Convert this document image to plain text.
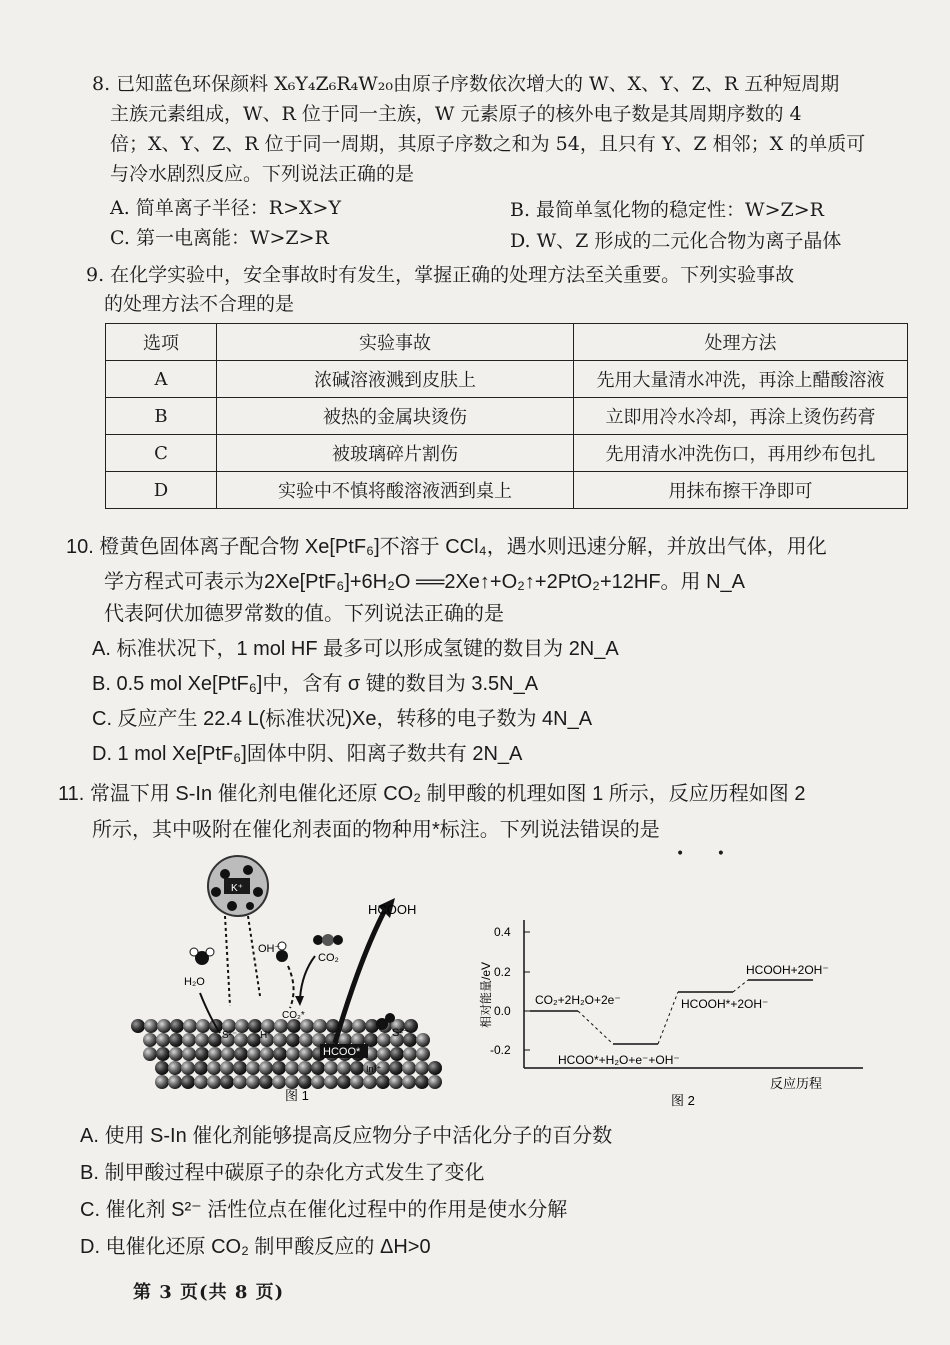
8. 已知蓝色环保颜料 X₆Y₄Z₆R₄W₂₀由原子序数依次增大的 W、X、Y、Z、R 五种短周期
主族元素组成，W、R 位于同一主族，W 元素原子的核外电子数是其周期序数的 4
倍；X、Y、Z、R 位于同一周期，其原子序数之和为 54，且只有 Y、Z 相邻；X 的单质可
与冷水剧烈反应。下列说法正确的是
A. 简单离子半径：R>X>Y	B. 最简单氢化物的稳定性：W>Z>R
C. 第一电离能：W>Z>R	D. W、Z 形成的二元化合物为离子晶体
9. 在化学实验中，安全事故时有发生，掌握正确的处理方法至关重要。下列实验事故
的处理方法不合理的是
选项	实验事故	处理方法
A	浓碱溶液溅到皮肤上	先用大量清水冲洗，再涂上醋酸溶液
B	被热的金属块烫伤	立即用冷水冷却，再涂上烫伤药膏
C	被玻璃碎片割伤	先用清水冲洗伤口，再用纱布包扎
D	实验中不慎将酸溶液洒到桌上	用抹布擦干净即可
10. 橙黄色固体离子配合物 Xe[PtF₆]不溶于 CCl₄，遇水则迅速分解，并放出气体，用化
学方程式可表示为2Xe[PtF₆]+6H₂O ══2Xe↑+O₂↑+2PtO₂+12HF。用 N_A
代表阿伏加德罗常数的值。下列说法正确的是
A. 标准状况下，1 mol HF 最多可以形成氢键的数目为 2N_A
B. 0.5 mol Xe[PtF₆]中，含有 σ 键的数目为 3.5N_A
C. 反应产生 22.4 L(标准状况)Xe，转移的电子数为 4N_A
D. 1 mol Xe[PtF₆]固体中阴、阳离子数共有 2N_A
11. 常温下用 S-In 催化剂电催化还原 CO₂ 制甲酸的机理如图 1 所示，反应历程如图 2
所示，其中吸附在催化剂表面的物种用*标注。下列说法错误的是
• •
K⁺
HCOOH
OH⁻
CO₂
H₂O
S²⁻ H*
CO₂*
S²⁻
HCOO*
In³⁺
图 1
0.4
0.2
0.0
-0.2
相对能量/eV	CO₂+2H₂O+2e⁻
HCOO*+H₂O+e⁻+OH⁻
HCOOH*+2OH⁻
HCOOH+2OH⁻
反应历程
图 2
A. 使用 S-In 催化剂能够提高反应物分子中活化分子的百分数
B. 制甲酸过程中碳原子的杂化方式发生了变化
C. 催化剂 S²⁻ 活性位点在催化过程中的作用是使水分解
D. 电催化还原 CO₂ 制甲酸反应的 ΔH>0
第 3 页(共 8 页)
